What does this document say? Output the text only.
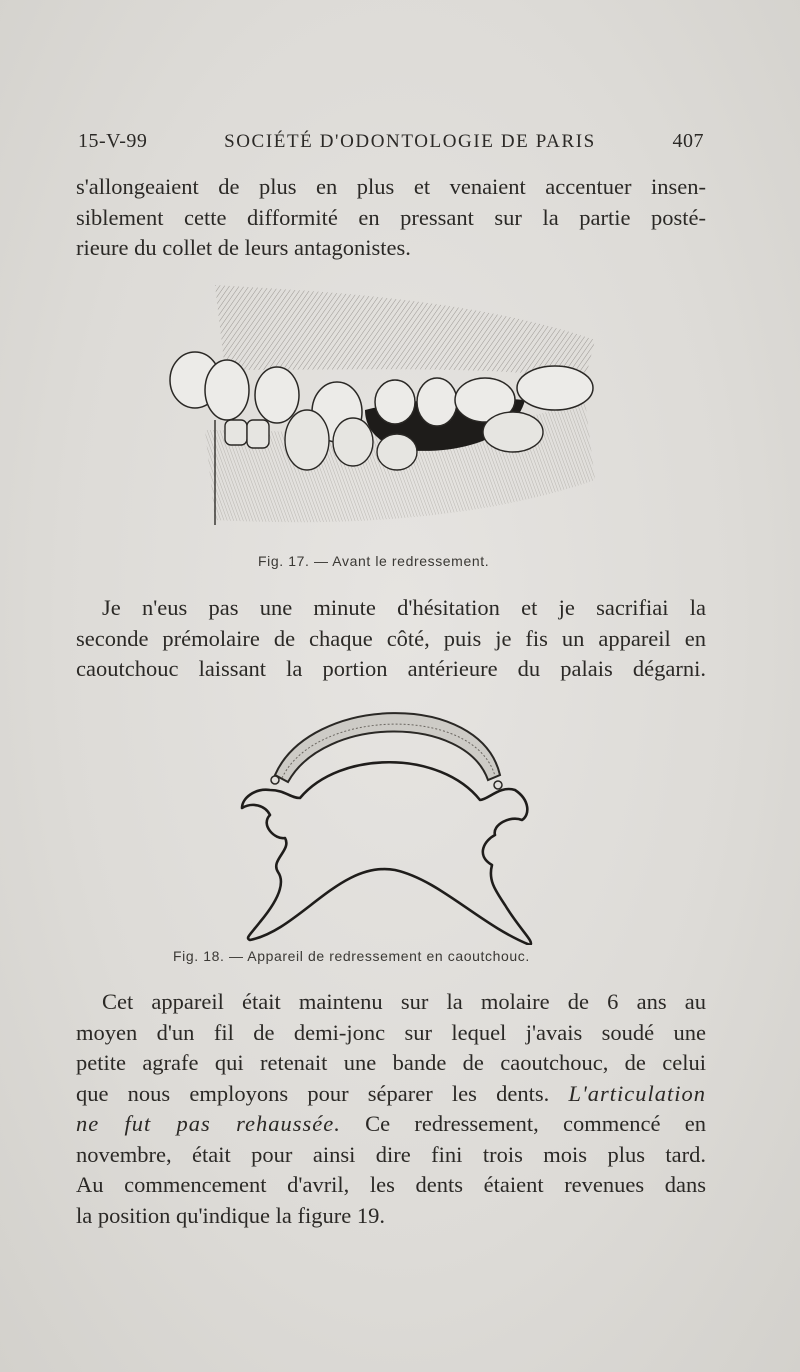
15-V-99	SOCIÉTÉ D'ODONTOLOGIE DE PARIS	407
s'allongeaient de plus en plus et venaient accentuer insen-
siblement cette difformité en pressant sur la partie posté-
rieure du collet de leurs antagonistes.
Fig. 17. — Avant le redressement.
Je n'eus pas une minute d'hésitation et je sacrifiai la
seconde prémolaire de chaque côté, puis je fis un appareil en
caoutchouc laissant la portion antérieure du palais dégarni.
Fig. 18. — Appareil de redressement en caoutchouc.
Cet appareil était maintenu sur la molaire de 6 ans au
moyen d'un fil de demi-jonc sur lequel j'avais soudé une
petite agrafe qui retenait une bande de caoutchouc, de celui
que nous employons pour séparer les dents. L'articulation
ne fut pas rehaussée. Ce redressement, commencé en
novembre, était pour ainsi dire fini trois mois plus tard.
Au commencement d'avril, les dents étaient revenues dans
la position qu'indique la figure 19.
